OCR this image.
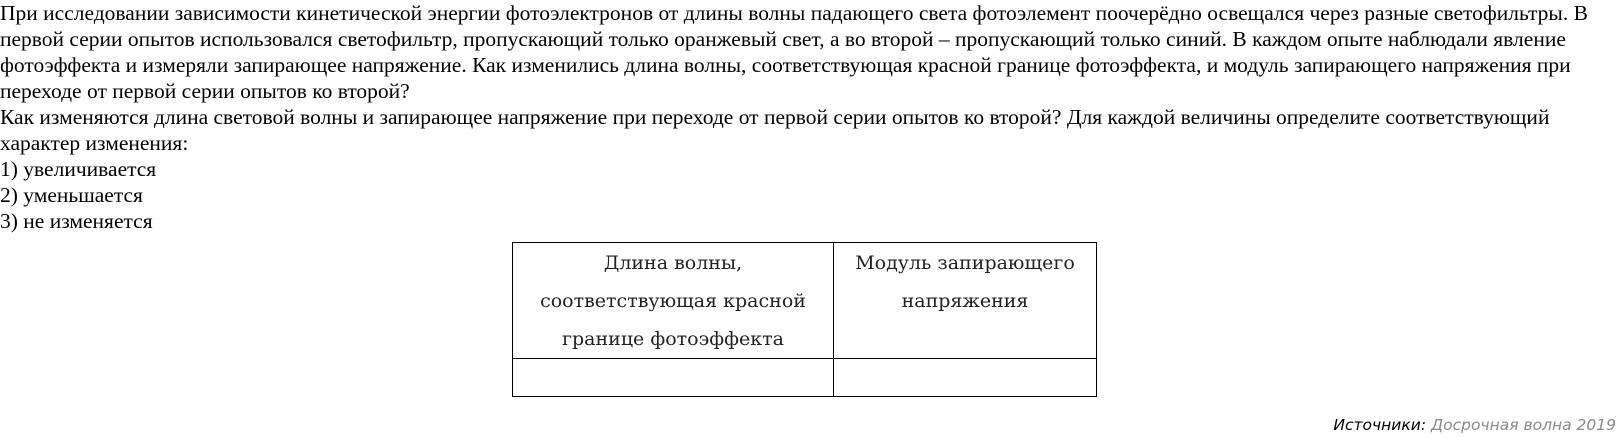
При исследовании зависимости кинетической энергии фотоэлектронов от длины волны падающего света фотоэлемент поочерёдно освещался через разные светофильтры. В первой серии опытов использовался светофильтр, пропускающий только оранжевый свет, а во второй – пропускающий только синий. В каждом опыте наблюдали явление фотоэффекта и измеряли запирающее напряжение. Как изменились длина волны, соответствующая красной границе фотоэффекта, и модуль запирающего напряжения при переходе от первой серии опытов ко второй?

Как изменяются длина световой волны и запирающее напряжение при переходе от первой серии опытов ко второй? Для каждой величины определите соответствующий характер изменения:

1) увеличивается

2) уменьшается

3) не изменяется

Длина волны, соответствующая красной границе фотоэффекта	Модуль запирающего напряжения

Источники: Досрочная волна 2019
